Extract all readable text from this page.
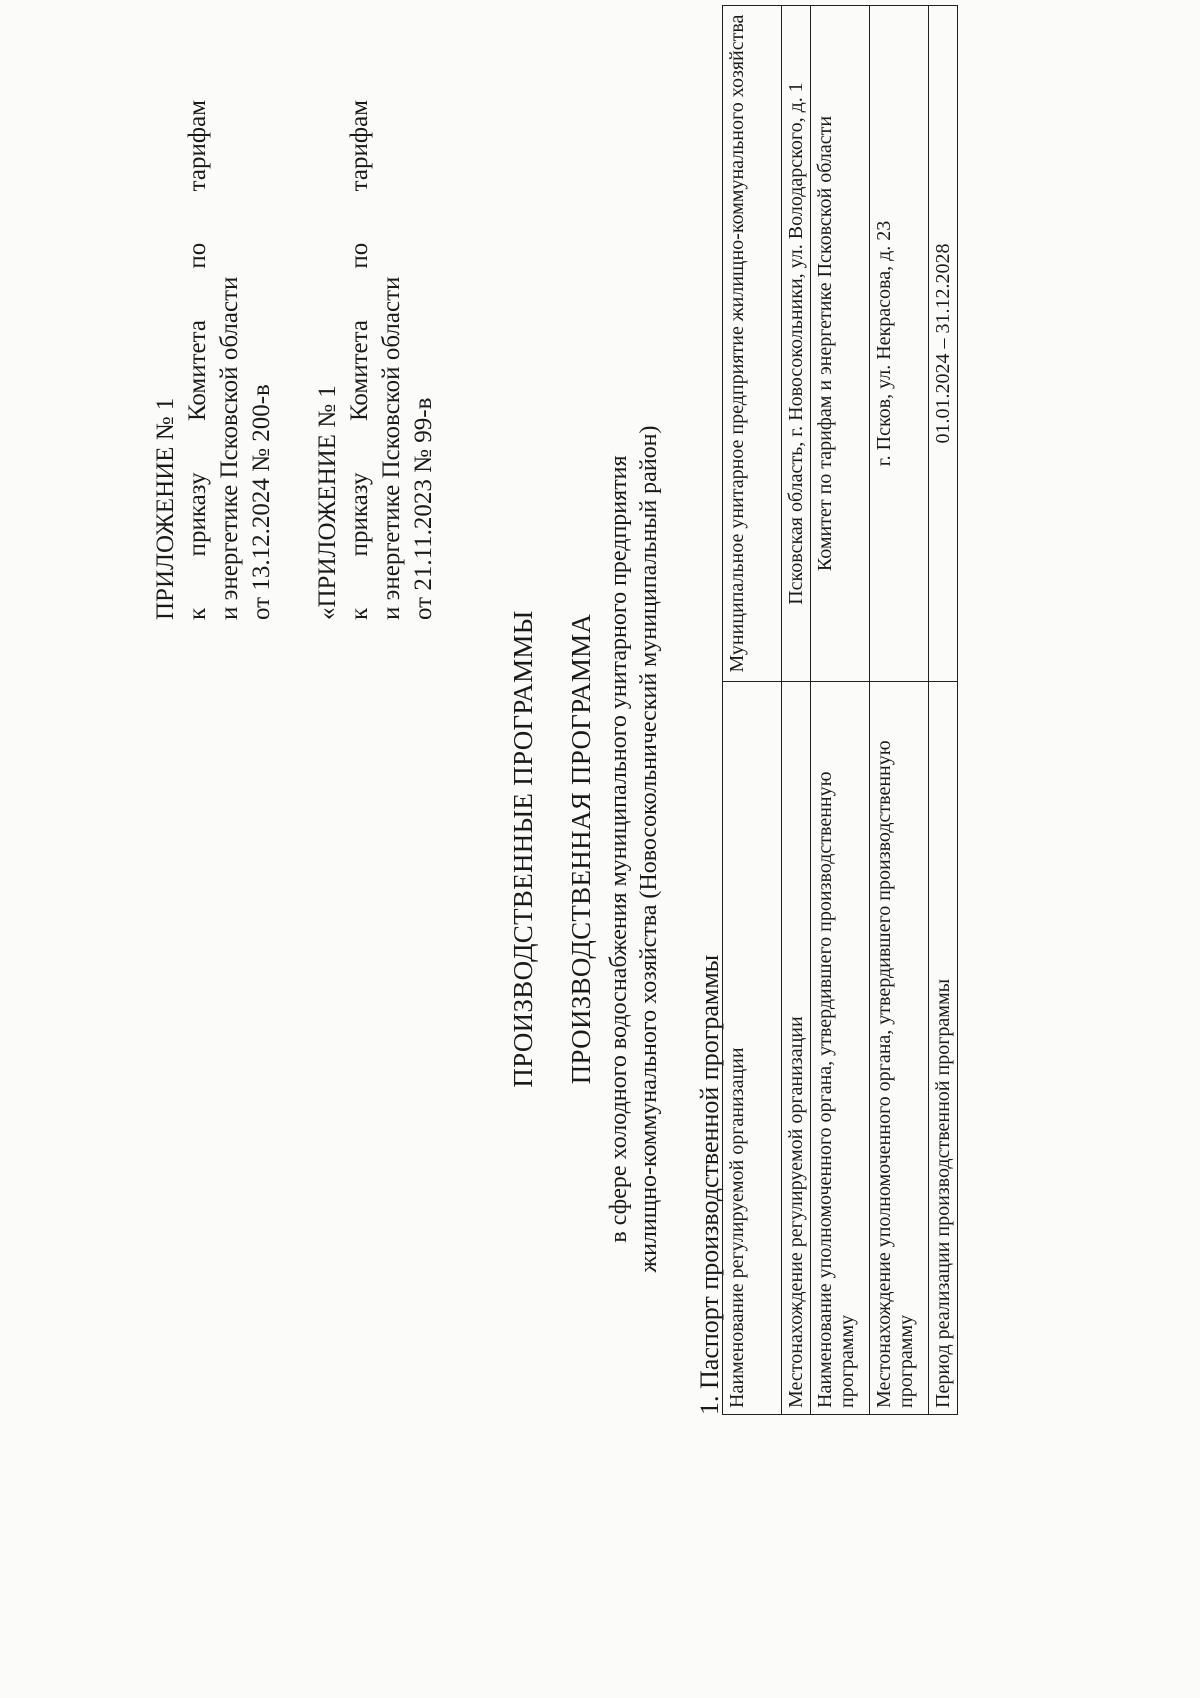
ПРИЛОЖЕНИЕ № 1 к
приказу
Комитета
по
тарифам
и энергетике Псковской области от 13.12.2024 № 200-в «ПРИЛОЖЕНИЕ № 1 к
приказу
Комитета
по
тарифам
и энергетике Псковской области от 21.11.2023 № 99-в
ПРОИЗВОДСТВЕННЫЕ ПРОГРАММЫ ПРОИЗВОДСТВЕННАЯ ПРОГРАММА в сфере холодного водоснабжения муниципального унитарного предприятия жилищно-коммунального хозяйства (Новосокольнический муниципальный район) 1. Паспорт производственной программы Наименование регулируемой организации	Муниципальное унитарное предприятие жилищно-коммунального хозяйства
Местонахождение регулируемой организации	Псковская область, г. Новосокольники, ул. Володарского, д. 1
Наименование уполномоченного органа, утвердившего производственную программу	Комитет по тарифам и энергетике Псковской области
Местонахождение уполномоченного органа, утвердившего производственную программу	г. Псков, ул. Некрасова, д. 23
Период реализации производственной программы	01.01.2024 – 31.12.2028
